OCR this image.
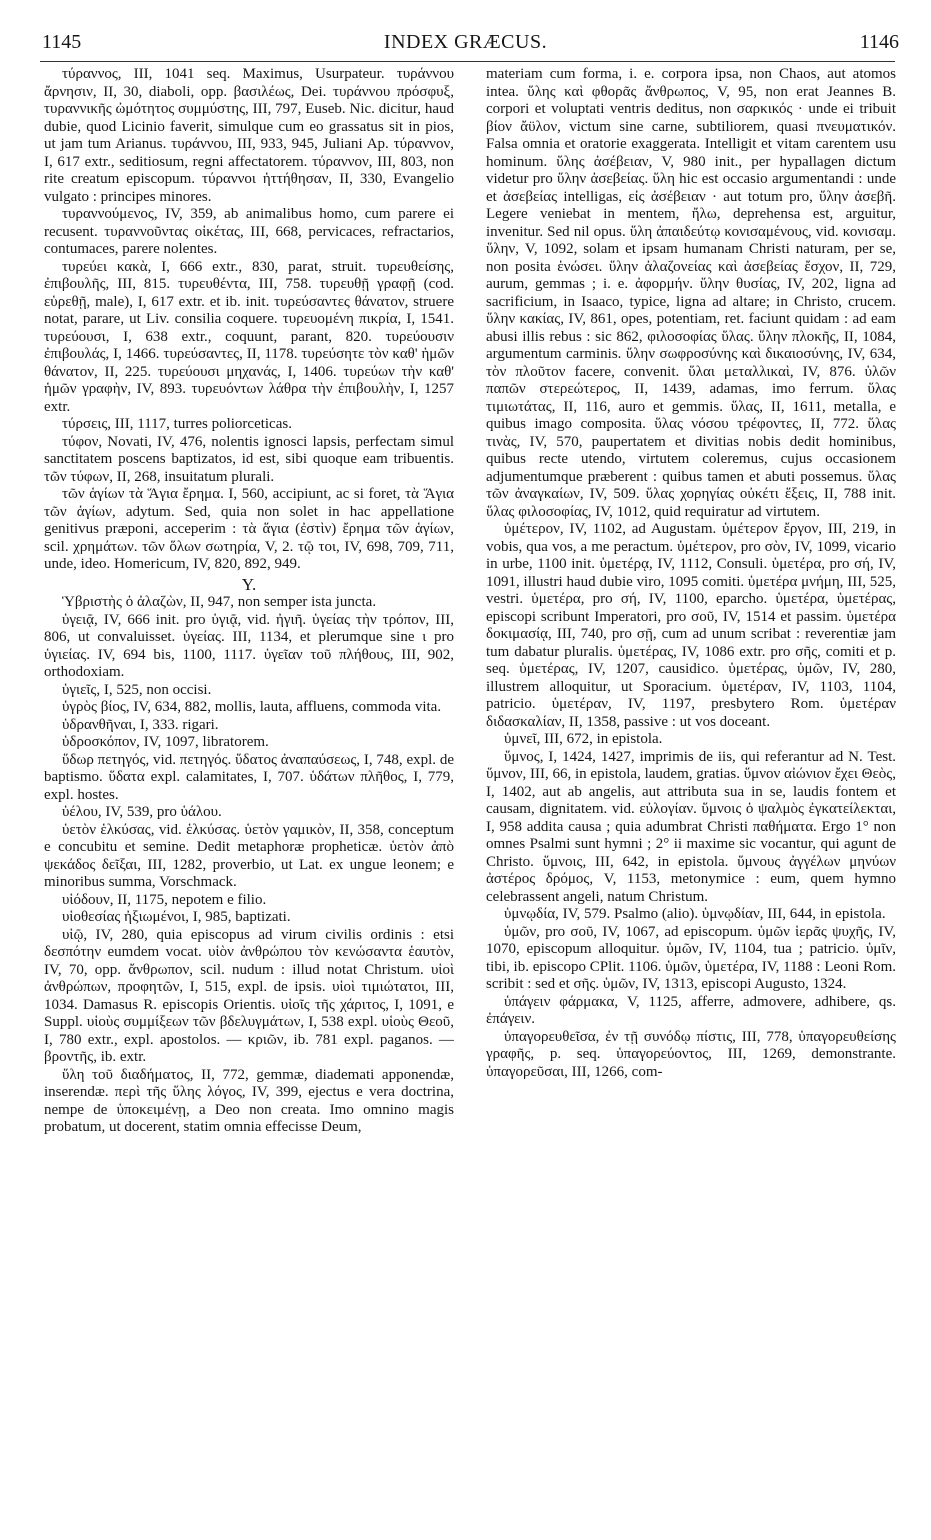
1145	INDEX GRÆCUS.	1146

τύραννος, III, 1041 seq. Maximus, Usurpateur. τυράννου ἄρνησιν, II, 30, diaboli, opp. βασιλέως, Dei. τυράννου πρόσφυξ, τυραννικῆς ὠμότητος συμμύστης, III, 797, Euseb. Nic. dicitur, haud dubie, quod Licinio faverit, simulque cum eo grassatus sit in pios, ut jam tum Arianus. τυράννου, III, 933, 945, Juliani Ap. τύραννον, I, 617 extr., seditiosum, regni affectatorem. τύραννον, III, 803, non rite creatum episcopum. τύραννοι ἡττήθησαν, II, 330, Evangelio vulgato : principes minores.

τυραννούμενος, IV, 359, ab animalibus homo, cum parere ei recusent. τυραννοῦντας οἰκέτας, III, 668, pervicaces, refractarios, contumaces, parere nolentes.

τυρεύει κακὰ, I, 666 extr., 830, parat, struit. τυρευθείσης, ἐπιβουλῆς, III, 815. τυρευθέντα, III, 758. τυρευθῇ γραφῇ (cod. εὑρεθῇ, male), I, 617 extr. et ib. init. τυρεύσαντες θάνατον, struere notat, parare, ut Liv. consilia coquere. τυρευομένη πικρία, I, 1541. τυρεύουσι, I, 638 extr., coquunt, parant, 820. τυρεύουσιν ἐπιβουλάς, I, 1466. τυρεύσαντες, II, 1178. τυρεύσητε τὸν καθ' ἡμῶν θάνατον, II, 225. τυρεύουσι μηχανάς, I, 1406. τυρεύων τὴν καθ' ἡμῶν γραφὴν, IV, 893. τυρευόντων λάθρα τὴν ἐπιβουλὴν, I, 1257 extr.

τύρσεις, III, 1117, turres poliorceticas.

τύφον, Novati, IV, 476, nolentis ignosci lapsis, perfectam simul sanctitatem poscens baptizatos, id est, sibi quoque eam tribuentis. τῶν τύφων, II, 268, insuitatum plurali.

τῶν ἁγίων τὰ Ἅγια ἔρημα. I, 560, accipiunt, ac si foret, τὰ Ἅγια τῶν ἁγίων, adytum. Sed, quia non solet in hac appellatione genitivus præponi, acceperim : τὰ ἅγια (ἐστὶν) ἔρημα τῶν ἁγίων, scil. χρημάτων. τῶν ὅλων σωτηρία, V, 2. τῷ τοι, IV, 698, 709, 711, unde, ideo. Homericum, IV, 820, 892, 949.

Υ.

Ὑβριστὴς ὁ ἀλαζὼν, II, 947, non semper ista juncta.

ὑγειᾷ, IV, 666 init. pro ὑγιᾷ, vid. ἠγιῆ. ὑγείας τὴν τρόπον, III, 806, ut convaluisset. ὑγείας. III, 1134, et plerumque sine ι pro ὑγιείας. IV, 694 bis, 1100, 1117. ὑγεῖαν τοῦ πλήθους, III, 902, orthodoxiam.

ὑγιεῖς, I, 525, non occisi.

ὑγρὸς βίος, IV, 634, 882, mollis, lauta, affluens, commoda vita.

ὑδρανθῆναι, I, 333. rigari.

ὑδροσκόπον, IV, 1097, libratorem.

ὕδωρ πετηγός, vid. πετηγός. ὕδατος ἀναπαύσεως, I, 748, expl. de baptismo. ὕδατα expl. calamitates, I, 707. ὑδάτων πλῆθος, I, 779, expl. hostes.

ὑέλου, IV, 539, pro ὑάλου.

ὑετὸν ἑλκύσας, vid. ἑλκύσας. ὑετὸν γαμικὸν, II, 358, conceptum e concubitu et semine. Dedit metaphoræ propheticæ. ὑετὸν ἀπὸ ψεκάδος δεῖξαι, III, 1282, proverbio, ut Lat. ex ungue leonem; e minoribus summa, Vorschmack.

υἱόδουν, II, 1175, nepotem e filio.

υἱοθεσίας ἠξιωμένοι, I, 985, baptizati.

υἱῷ, IV, 280, quia episcopus ad virum civilis ordinis : etsi δεσπότην eumdem vocat. υἱὸν ἀνθρώπου τὸν κενώσαντα ἑαυτὸν, IV, 70, opp. ἄνθρωπον, scil. nudum : illud notat Christum. υἱοὶ ἀνθρώπων, προφητῶν, I, 515, expl. de ipsis. υἱοὶ τιμιώτατοι, III, 1034. Damasus R. episcopis Orientis. υἱοῖς τῆς χάριτος, I, 1091, e Suppl. υἱοὺς συμμίξεων τῶν βδελυγμάτων, I, 538 expl. υἱοὺς Θεοῦ, I, 780 extr., expl. apostolos. — κριῶν, ib. 781 expl. paganos. — βροντῆς, ib. extr.

ὕλη τοῦ διαδήματος, II, 772, gemmæ, diademati apponendæ, inserendæ. περὶ τῆς ὕλης λόγος, IV, 399, ejectus e vera doctrina, nempe de ὑποκειμένῃ, a Deo non creata. Imo omnino magis probatum, ut docerent, statim omnia effecisse Deum,

materiam cum forma, i. e. corpora ipsa, non Chaos, aut atomos intea. ὕλης καὶ φθορᾶς ἄνθρωπος, V, 95, non erat Jeannes B. corpori et voluptati ventris deditus, non σαρκικός · unde ei tribuit βίον ἄϋλον, victum sine carne, subtiliorem, quasi πνευματικόν. Falsa omnia et oratorie exaggerata. Intelligit et vitam carentem usu hominum. ὕλης ἀσέβειαν, V, 980 init., per hypallagen dictum videtur pro ὕλην ἀσεβείας. ὕλη hic est occasio argumentandi : unde et ἀσεβείας intelligas, εἰς ἀσέβειαν · aut totum pro, ὕλην ἀσεβῆ. Legere veniebat in mentem, ἤλω, deprehensa est, arguitur, invenitur. Sed nil opus. ὕλη ἀπαιδεύτῳ κονισαμένους, vid. κονισαμ. ὕλην, V, 1092, solam et ipsam humanam Christi naturam, per se, non posita ἑνώσει. ὕλην ἀλαζονείας καὶ ἀσεβείας ἔσχον, II, 729, aurum, gemmas ; i. e. ἀφορμήν. ὕλην θυσίας, IV, 202, ligna ad sacrificium, in Isaaco, typice, ligna ad altare; in Christo, crucem. ὕλην κακίας, IV, 861, opes, potentiam, ret. faciunt quidam : ad eam abusi illis rebus : sic 862, φιλοσοφίας ὕλας. ὕλην πλοκῆς, II, 1084, argumentum carminis. ὕλην σωφροσύνης καὶ δικαιοσύνης, IV, 634, τὸν πλοῦτον facere, convenit. ὕλαι μεταλλικαὶ, IV, 876. ὑλῶν παπῶν στερεώτερος, II, 1439, adamas, imo ferrum. ὕλας τιμιωτάτας, II, 116, auro et gemmis. ὕλας, II, 1611, metalla, e quibus imago composita. ὕλας νόσου τρέφοντες, II, 772. ὕλας τινὰς, IV, 570, paupertatem et divitias nobis dedit hominibus, quibus recte utendo, virtutem coleremus, cujus occasionem adjumentumque præberent : quibus tamen et abuti possemus. ὕλας τῶν ἀναγκαίων, IV, 509. ὕλας χορηγίας οὐκέτι ἕξεις, II, 788 init. ὕλας φιλοσοφίας, IV, 1012, quid requiratur ad virtutem.

ὑμέτερον, IV, 1102, ad Augustam. ὑμέτερον ἔργον, III, 219, in vobis, qua vos, a me peractum. ὑμέτερον, pro σὸν, IV, 1099, vicario in urbe, 1100 init. ὑμετέρᾳ, IV, 1112, Consuli. ὑμετέρα, pro σή, IV, 1091, illustri haud dubie viro, 1095 comiti. ὑμετέρα μνήμη, III, 525, vestri. ὑμετέρα, pro σή, IV, 1100, eparcho. ὑμετέρα, ὑμετέρας, episcopi scribunt Imperatori, pro σοῦ, IV, 1514 et passim. ὑμετέρα δοκιμασίᾳ, III, 740, pro σῇ, cum ad unum scribat : reverentiæ jam tum dabatur pluralis. ὑμετέρας, IV, 1086 extr. pro σῆς, comiti et p. seq. ὑμετέρας, IV, 1207, causidico. ὑμετέρας, ὑμῶν, IV, 280, illustrem alloquitur, ut Sporacium. ὑμετέραν, IV, 1103, 1104, patricio. ὑμετέραν, IV, 1197, presbytero Rom. ὑμετέραν διδασκαλίαν, II, 1358, passive : ut vos doceant.

ὑμνεῖ, III, 672, in epistola.

ὕμνος, I, 1424, 1427, imprimis de iis, qui referantur ad N. Test. ὕμνον, III, 66, in epistola, laudem, gratias. ὕμνον αἰώνιον ἔχει Θεὸς, I, 1402, aut ab angelis, aut attributa sua in se, laudis fontem et causam, dignitatem. vid. εὐλογίαν. ὕμνοις ὁ ψαλμὸς ἐγκατείλεκται, I, 958 addita causa ; quia adumbrat Christi παθήματα. Ergo 1° non omnes Psalmi sunt hymni ; 2° ii maxime sic vocantur, qui agunt de Christo. ὕμνοις, III, 642, in epistola. ὕμνους ἀγγέλων μηνύων ἀστέρος δρόμος, V, 1153, metonymice : eum, quem hymno celebrassent angeli, natum Christum.

ὑμνῳδία, IV, 579. Psalmo (alio). ὑμνῳδίαν, III, 644, in epistola.

ὑμῶν, pro σοῦ, IV, 1067, ad episcopum. ὑμῶν ἱερᾶς ψυχῆς, IV, 1070, episcopum alloquitur. ὑμῶν, IV, 1104, tua ; patricio. ὑμῖν, tibi, ib. episcopo CPlit. 1106. ὑμῶν, ὑμετέρα, IV, 1188 : Leoni Rom. scribit : sed et σῆς. ὑμῶν, IV, 1313, episcopi Augusto, 1324.

ὑπάγειν φάρμακα, V, 1125, afferre, admovere, adhibere, qs. ἐπάγειν.

ὑπαγορευθεῖσα, ἐν τῇ συνόδῳ πίστις, III, 778, ὑπαγορευθείσης γραφῆς, p. seq. ὑπαγορεύοντος, III, 1269, demonstrante. ὑπαγορεῦσαι, III, 1266, com-
